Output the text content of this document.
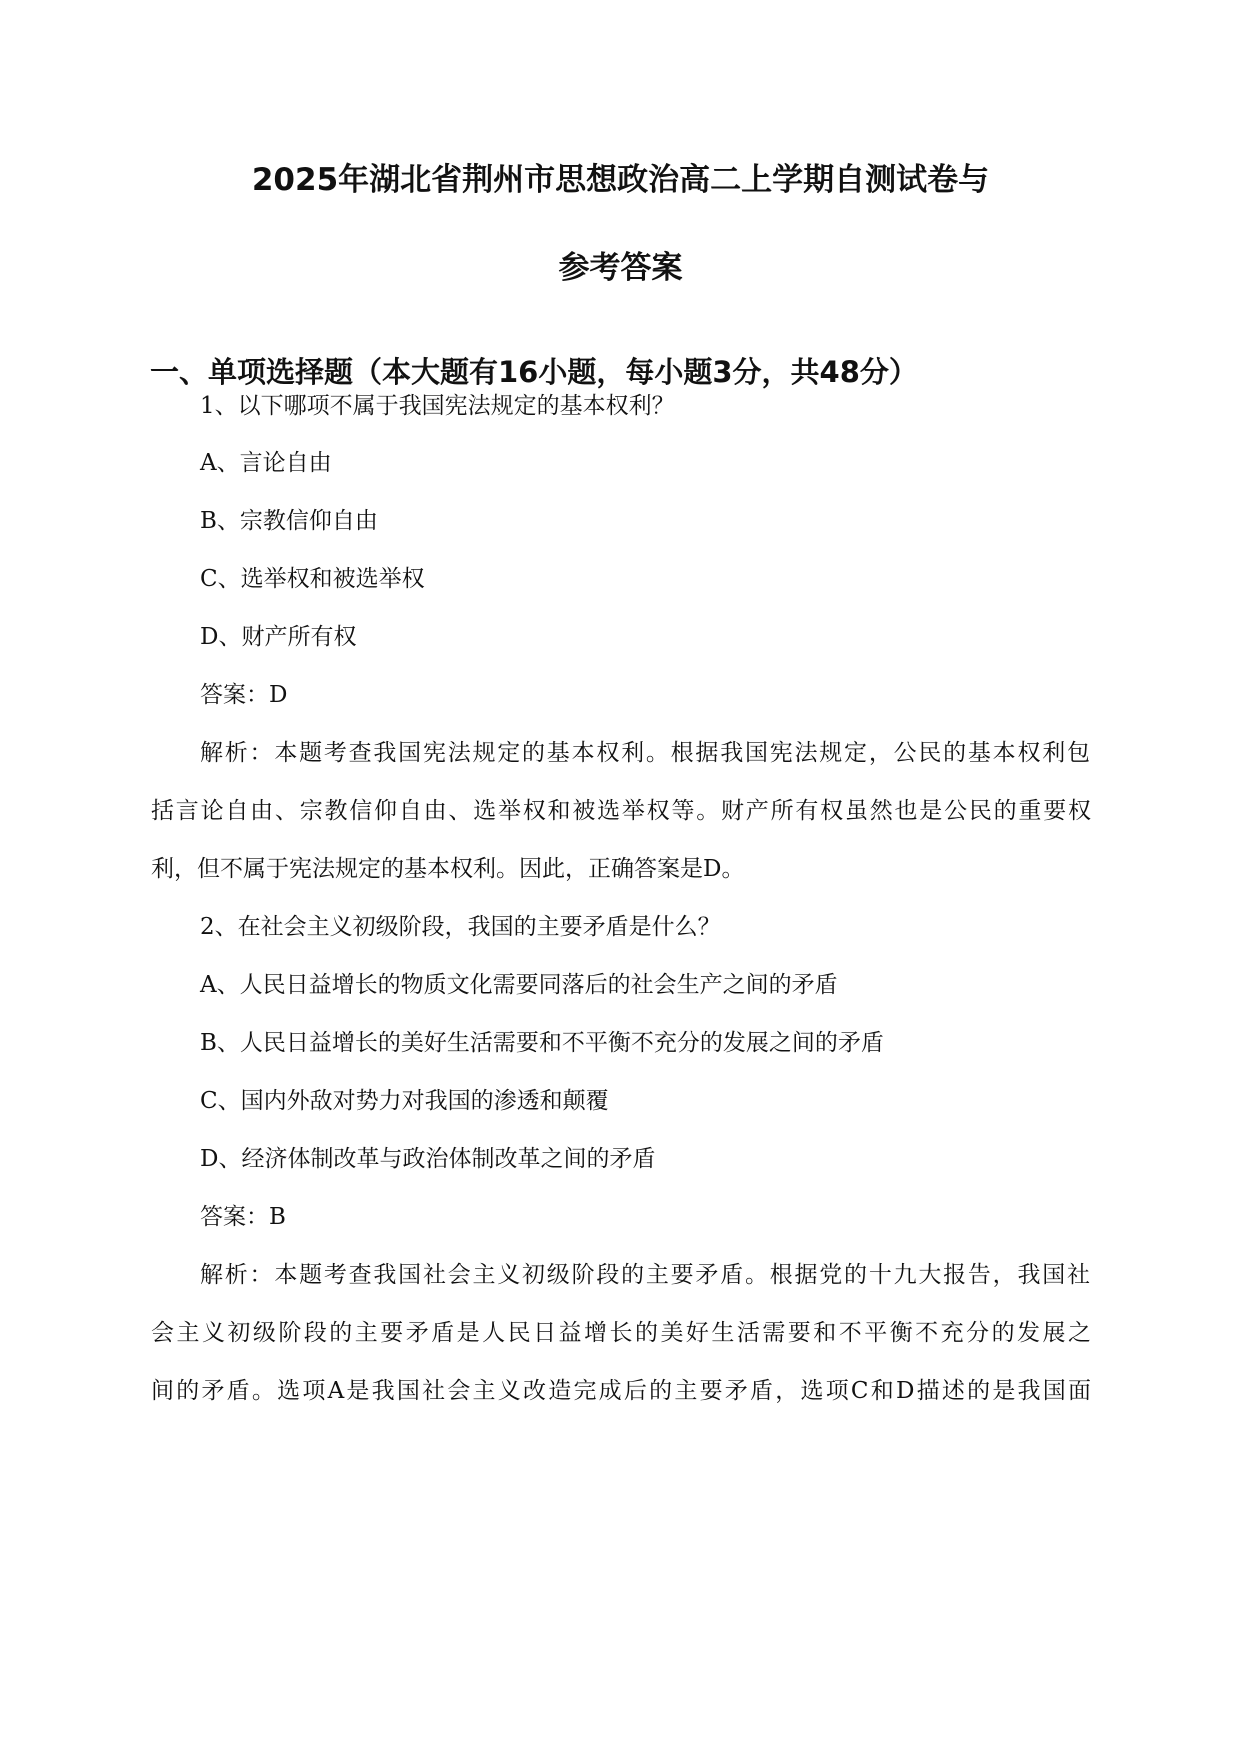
2025年湖北省荆州市思想政治高二上学期自测试卷与
参考答案
一、单项选择题（本大题有16小题，每小题3分，共48分）
1、以下哪项不属于我国宪法规定的基本权利？
A、言论自由
B、宗教信仰自由
C、选举权和被选举权
D、财产所有权
答案：D
解析：本题考查我国宪法规定的基本权利。根据我国宪法规定，公民的基本权利包
括言论自由、宗教信仰自由、选举权和被选举权等。财产所有权虽然也是公民的重要权
利，但不属于宪法规定的基本权利。因此，正确答案是D。
2、在社会主义初级阶段，我国的主要矛盾是什么？
A、人民日益增长的物质文化需要同落后的社会生产之间的矛盾
B、人民日益增长的美好生活需要和不平衡不充分的发展之间的矛盾
C、国内外敌对势力对我国的渗透和颠覆
D、经济体制改革与政治体制改革之间的矛盾
答案：B
解析：本题考查我国社会主义初级阶段的主要矛盾。根据党的十九大报告，我国社
会主义初级阶段的主要矛盾是人民日益增长的美好生活需要和不平衡不充分的发展之
间的矛盾。选项A是我国社会主义改造完成后的主要矛盾，选项C和D描述的是我国面
